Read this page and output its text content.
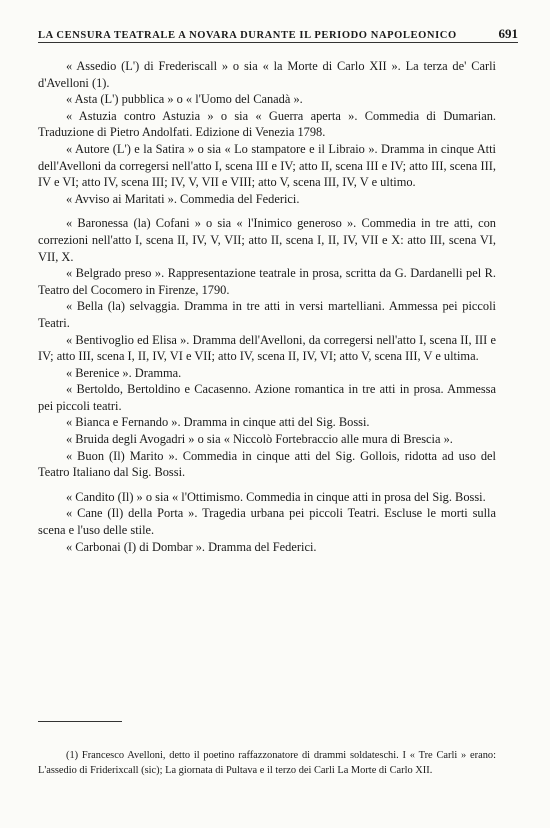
LA CENSURA TEATRALE A NOVARA DURANTE IL PERIODO NAPOLEONICO	691

« Assedio (L') di Frederiscall » o sia « la Morte di Carlo XII ». La terza de' Carli d'Avelloni (1).

« Asta (L') pubblica » o « l'Uomo del Canadà ».

« Astuzia contro Astuzia » o sia « Guerra aperta ». Commedia di Dumarian. Traduzione di Pietro Andolfati. Edizione di Venezia 1798.

« Autore (L') e la Satira » o sia « Lo stampatore e il Libraio ». Dramma in cinque Atti dell'Avelloni da corregersi nell'atto I, scena III e IV; atto II, scena III e IV; atto III, scena III, IV e VI; atto IV, scena III; IV, V, VII e VIII; atto V, scena III, IV, V e ultimo.

« Avviso ai Maritati ». Commedia del Federici.

« Baronessa (la) Cofani » o sia « l'Inimico generoso ». Commedia in tre atti, con correzioni nell'atto I, scena II, IV, V, VII; atto II, scena I, II, IV, VII e X: atto III, scena VI, VII, X.

« Belgrado preso ». Rappresentazione teatrale in prosa, scritta da G. Dardanelli pel R. Teatro del Cocomero in Firenze, 1790.

« Bella (la) selvaggia. Dramma in tre atti in versi martelliani. Ammessa pei piccoli Teatri.

« Bentivoglio ed Elisa ». Dramma dell'Avelloni, da corregersi nell'atto I, scena II, III e IV; atto III, scena I, II, IV, VI e VII; atto IV, scena II, IV, VI; atto V, scena III, V e ultima.

« Berenice ». Dramma.

« Bertoldo, Bertoldino e Cacasenno. Azione romantica in tre atti in prosa. Ammessa pei piccoli teatri.

« Bianca e Fernando ». Dramma in cinque atti del Sig. Bossi.

« Bruida degli Avogadri » o sia « Niccolò Fortebraccio alle mura di Brescia ».

« Buon (Il) Marito ». Commedia in cinque atti del Sig. Gollois, ridotta ad uso del Teatro Italiano dal Sig. Bossi.

« Candito (Il) » o sia « l'Ottimismo. Commedia in cinque atti in prosa del Sig. Bossi.

« Cane (Il) della Porta ». Tragedia urbana pei piccoli Teatri. Escluse le morti sulla scena e l'uso delle stile.

« Carbonai (I) di Dombar ». Dramma del Federici.

(1) Francesco Avelloni, detto il poetino raffazzonatore di drammi soldateschi. I « Tre Carli » erano: L'assedio di Friderixcall (sic); La giornata di Pultava e il terzo dei Carli La Morte di Carlo XII.
